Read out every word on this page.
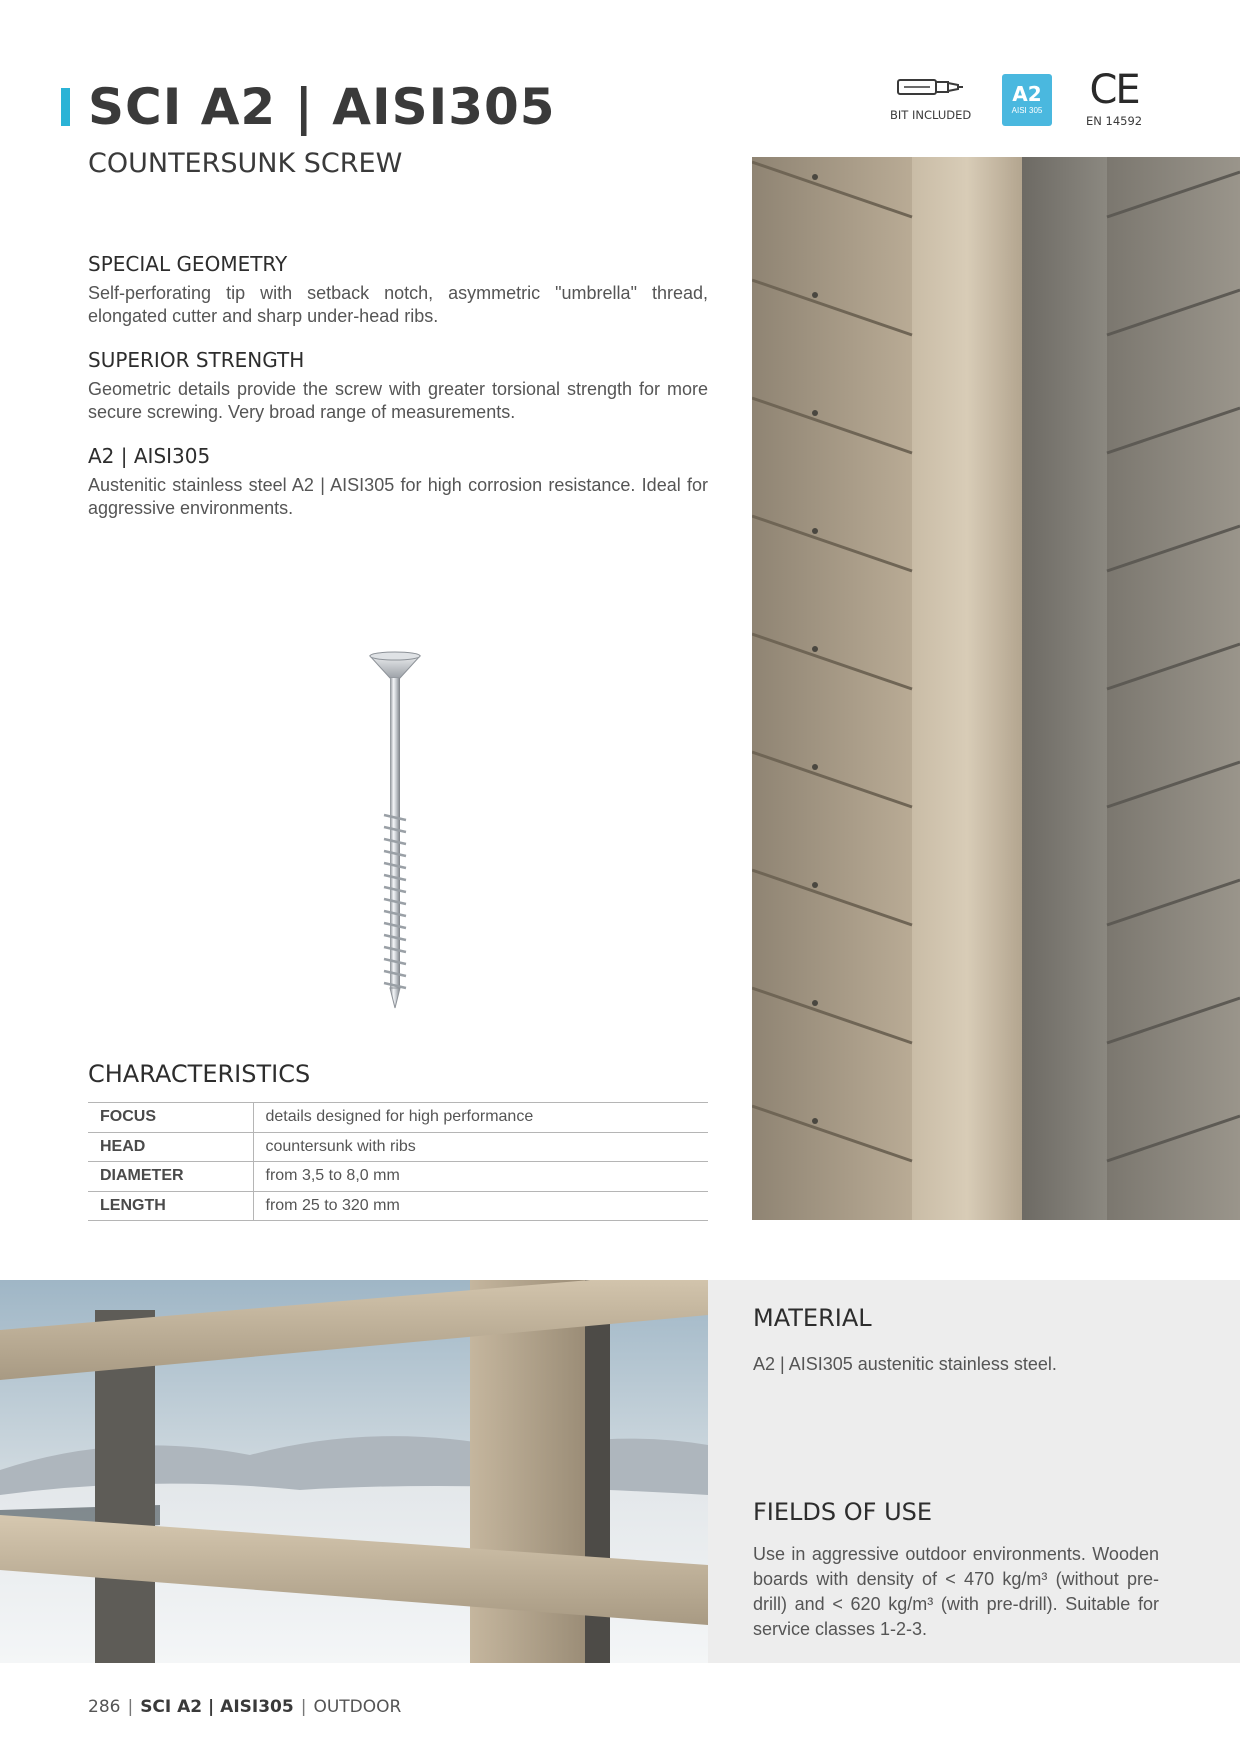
SCI A2 | AISI305
COUNTERSUNK SCREW
BIT INCLUDED
A2
AISI 305 CE
EN 14592
SPECIAL GEOMETRY
Self-perforating tip with setback notch, asymmetric "umbrella" thread, elongated cutter and sharp under-head ribs.
SUPERIOR STRENGTH
Geometric details provide the screw with greater torsional strength for more secure screwing. Very broad range of measurements.
A2 | AISI305
Austenitic stainless steel A2 | AISI305 for high corrosion resistance. Ideal for aggressive environments.
CHARACTERISTICS
FOCUS	details designed for high performance
HEAD	countersunk with ribs
DIAMETER	from 3,5 to 8,0 mm
LENGTH	from 25 to 320 mm
MATERIAL
A2 | AISI305 austenitic stainless steel.
FIELDS OF USE
Use in aggressive outdoor environments. Wooden boards with density of < 470 kg/m³ (without pre-drill) and < 620 kg/m³ (with pre-drill). Suitable for service classes 1-2-3.
286 | SCI A2 | AISI305 | OUTDOOR
